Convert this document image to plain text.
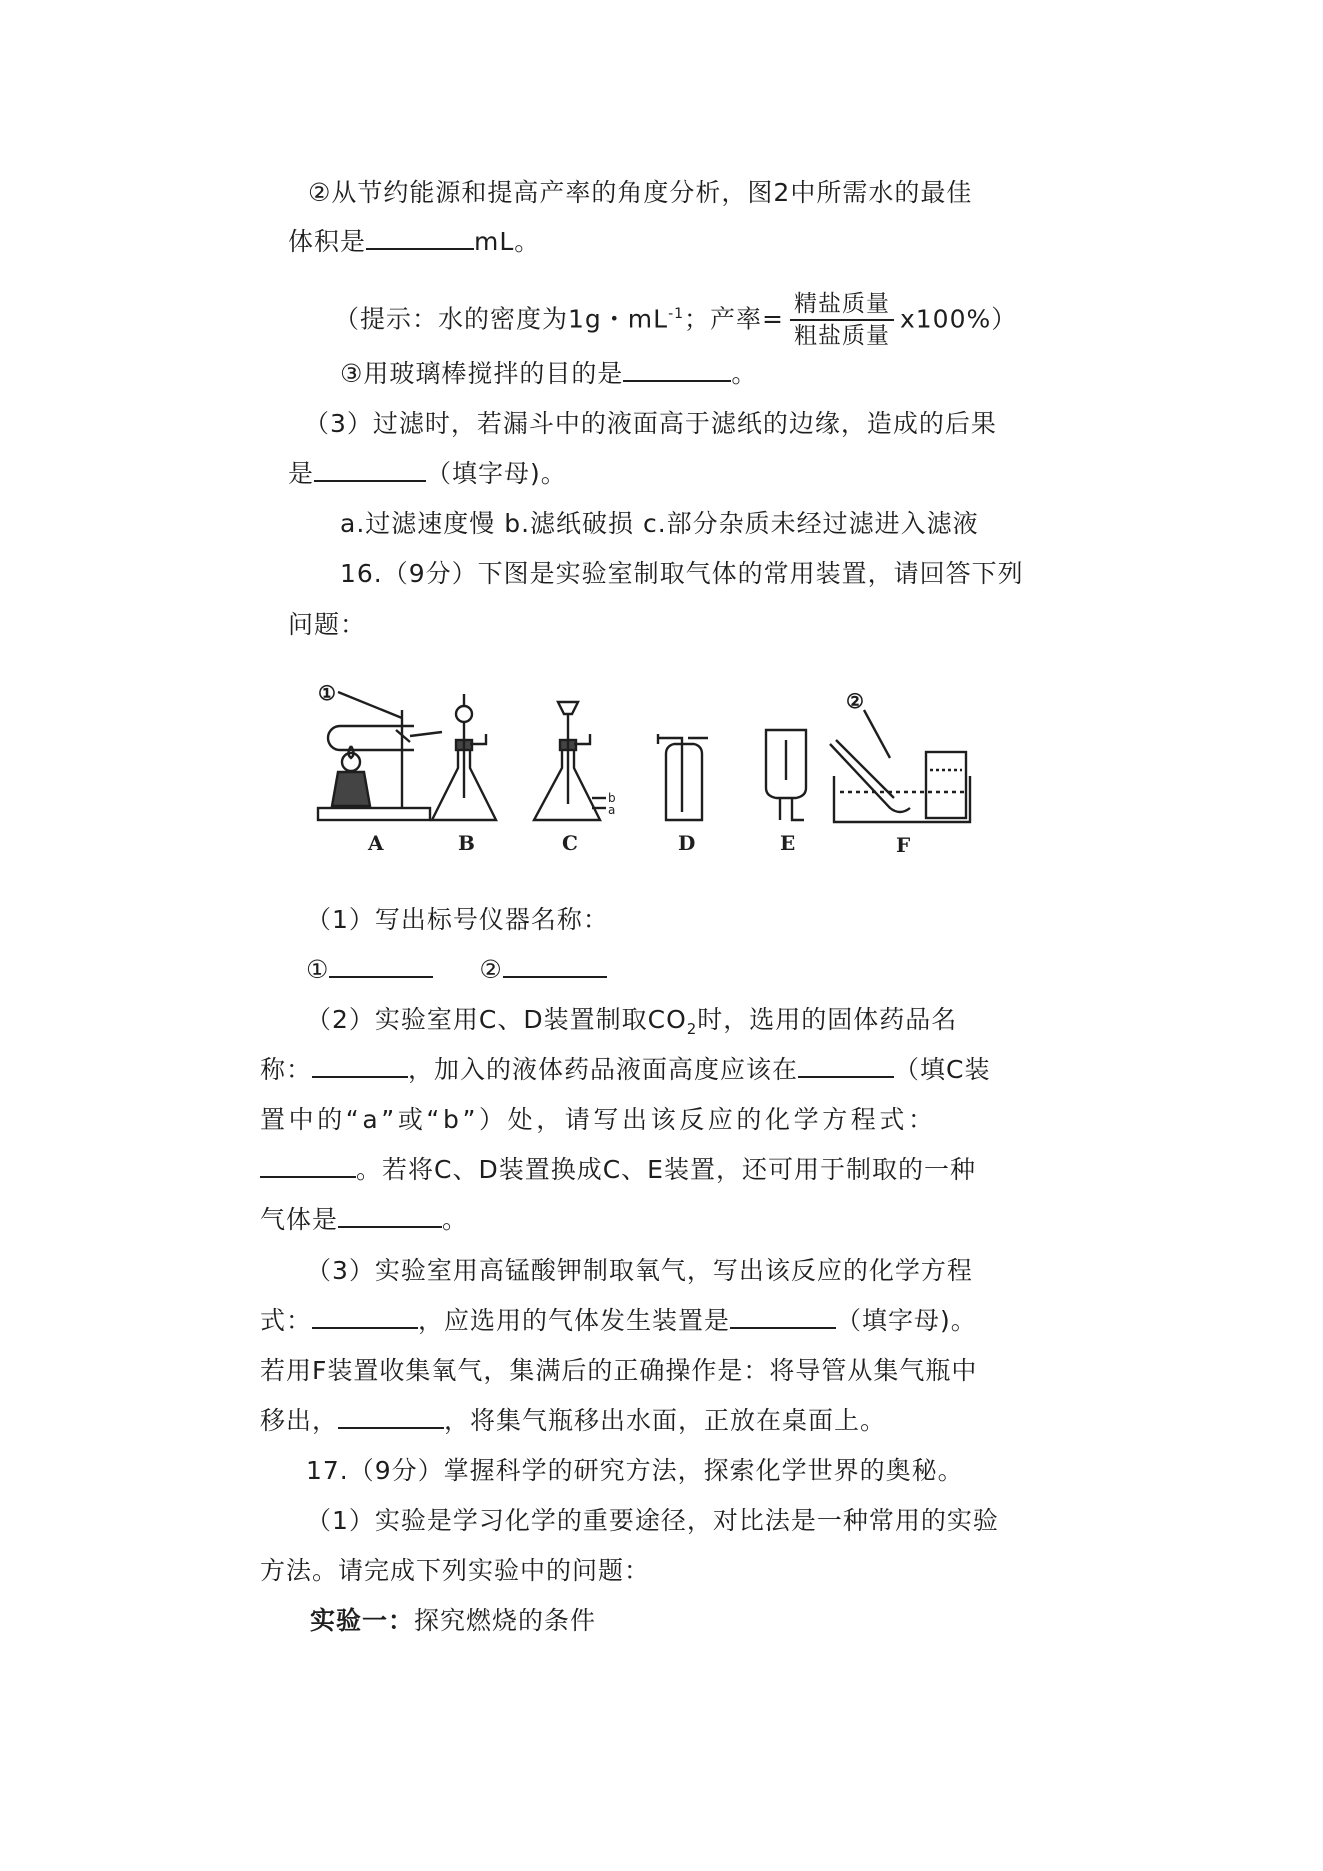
②从节约能源和提高产率的角度分析，图2中所需水的最佳
体积是	mL。
（提示：水的密度为1g・$mL^{-1}$；产率= $\frac{\text{精盐质量}}{\text{粗盐质量}} x100\%$）
③用玻璃棒搅拌的目的是	。
（3）过滤时，若漏斗中的液面高于滤纸的边缘，造成的后果
是	（填字母)。
a.过滤速度慢 b.滤纸破损 c.部分杂质未经过滤进入滤液
16.（9分）下图是实验室制取气体的常用装置，请回答下列
问题：
①
b
a
②
A	B	C	D	E	F
（1）写出标号仪器名称：
①	②
（2）实验室用C、D装置制取$CO_2$时，选用的固体药品名
称：	，加入的液体药品液面高度应该在	（填C装
置中的“a”或“b”）处，请写出该反应的化学方程式：
。若将C、D装置换成C、E装置，还可用于制取的一种
气体是	。
（3）实验室用高锰酸钾制取氧气，写出该反应的化学方程
式：	，应选用的气体发生装置是	（填字母)。
若用F装置收集氧气，集满后的正确操作是：将导管从集气瓶中
移出，	，将集气瓶移出水面，正放在桌面上。
17.（9分）掌握科学的研究方法，探索化学世界的奥秘。
（1）实验是学习化学的重要途径，对比法是一种常用的实验
方法。请完成下列实验中的问题：
实验一：探究燃烧的条件
